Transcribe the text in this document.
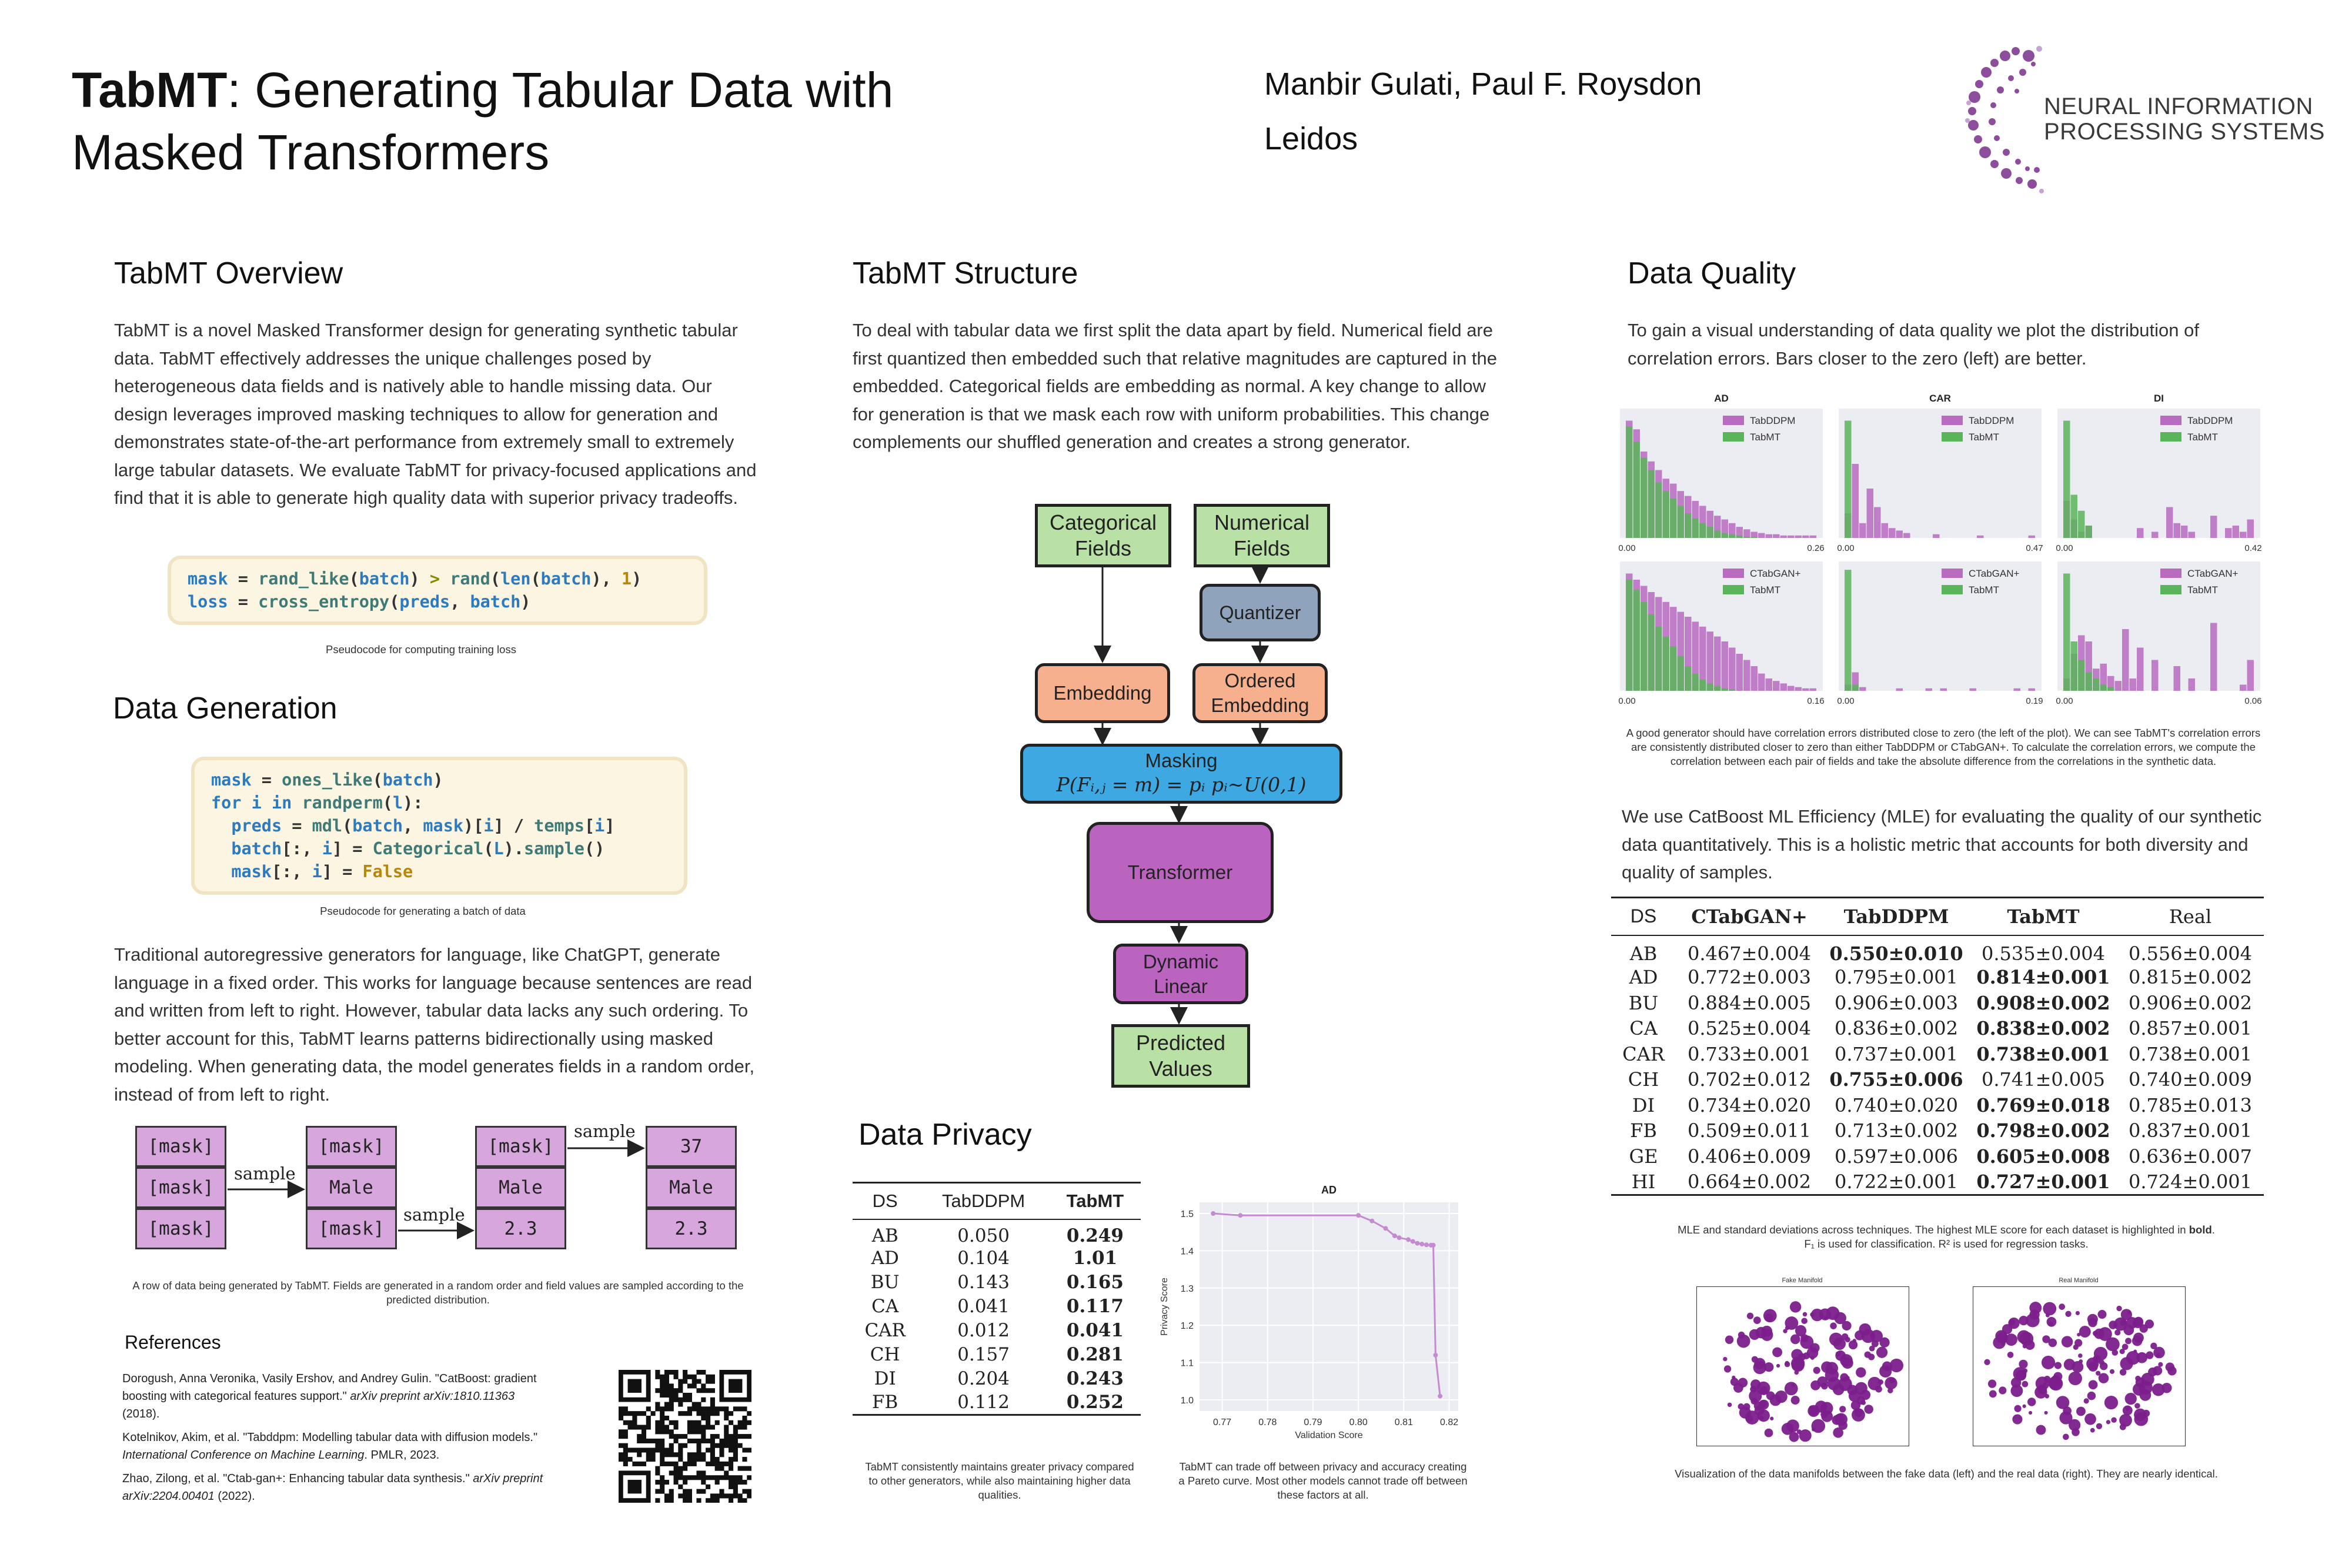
TabMT: Generating Tabular Data with
Masked Transformers
Manbir Gulati, Paul F. Roysdon
Leidos
NEURAL INFORMATION
PROCESSING SYSTEMS
TabMT Overview
TabMT is a novel Masked Transformer design for generating synthetic tabular data. TabMT effectively addresses the unique challenges posed by heterogeneous data fields and is natively able to handle missing data. Our design leverages improved masking techniques to allow for generation and demonstrates state-of-the-art performance from extremely small to extremely large tabular datasets. We evaluate TabMT for privacy-focused applications and find that it is able to generate high quality data with superior privacy tradeoffs.
mask = rand_like(batch) > rand(len(batch), 1)
loss = cross_entropy(preds, batch)
Pseudocode for computing training loss
Data Generation
mask = ones_like(batch)
for i in randperm(l):
preds = mdl(batch, mask)[i] / temps[i]
batch[:, i] = Categorical(L).sample()
mask[:, i] = False
Pseudocode for generating a batch of data
Traditional autoregressive generators for language, like ChatGPT, generate language in a fixed order. This works for language because sentences are read and written from left to right. However, tabular data lacks any such ordering. To better account for this, TabMT learns patterns bidirectionally using masked modeling. When generating data, the model generates fields in a random order, instead of from left to right.
[mask]
[mask]
[mask]
[mask]
Male
[mask]
[mask]
Male
2.3
37
Male
2.3
sample
sample
sample
A row of data being generated by TabMT. Fields are generated in a random order and field values are sampled according to the predicted distribution.
References
Dorogush, Anna Veronika, Vasily Ershov, and Andrey Gulin. "CatBoost: gradient boosting with categorical features support." arXiv preprint arXiv:1810.11363 (2018).
Kotelnikov, Akim, et al. "Tabddpm: Modelling tabular data with diffusion models." International Conference on Machine Learning. PMLR, 2023.
Zhao, Zilong, et al. "Ctab-gan+: Enhancing tabular data synthesis." arXiv preprint arXiv:2204.00401 (2022).
TabMT Structure
To deal with tabular data we first split the data apart by field. Numerical field are first quantized then embedded such that relative magnitudes are captured in the embedded. Categorical fields are embedding as normal. A key change to allow for generation is that we mask each row with uniform probabilities. This change complements our shuffled generation and creates a strong generator.
Categorical Fields
Numerical Fields
Quantizer
Embedding
Ordered Embedding
Masking
P(Fᵢ,ⱼ = m) = pᵢ pᵢ~U(0,1)
Transformer
Dynamic Linear
Predicted Values
Data Privacy
DS	TabDDPM	TabMT
AB	0.050	0.249
AD	0.104	1.01
BU	0.143	0.165
CA	0.041	0.117
CAR	0.012	0.041
CH	0.157	0.281
DI	0.204	0.243
FB	0.112	0.252
TabMT consistently maintains greater privacy compared to other generators, while also maintaining higher data qualities.
AD
0.77	0.78	0.79	0.80	0.81	0.82
1.0
1.1
1.2
1.3
1.4
1.5
Validation Score
Privacy Score
TabMT can trade off between privacy and accuracy creating a Pareto curve. Most other models cannot trade off between these factors at all.
Data Quality
To gain a visual understanding of data quality we plot the distribution of correlation errors. Bars closer to the zero (left) are better.
AD
TabDDPM
TabMT
0.00	0.26
CAR
TabDDPM
TabMT
0.00	0.47
DI
TabDDPM
TabMT
0.00	0.42
CTabGAN+
TabMT
0.00	0.16
CTabGAN+
TabMT
0.00	0.19
CTabGAN+
TabMT
0.00	0.06
A good generator should have correlation errors distributed close to zero (the left of the plot). We can see TabMT's correlation errors are consistently distributed closer to zero than either TabDDPM or CTabGAN+. To calculate the correlation errors, we compute the correlation between each pair of fields and take the absolute difference from the correlations in the synthetic data.
We use CatBoost ML Efficiency (MLE) for evaluating the quality of our synthetic data quantitatively. This is a holistic metric that accounts for both diversity and quality of samples.
DS	CTabGAN+	TabDDPM	TabMT	Real
AB	0.467±0.004	0.550±0.010	0.535±0.004	0.556±0.004
AD	0.772±0.003	0.795±0.001	0.814±0.001	0.815±0.002
BU	0.884±0.005	0.906±0.003	0.908±0.002	0.906±0.002
CA	0.525±0.004	0.836±0.002	0.838±0.002	0.857±0.001
CAR	0.733±0.001	0.737±0.001	0.738±0.001	0.738±0.001
CH	0.702±0.012	0.755±0.006	0.741±0.005	0.740±0.009
DI	0.734±0.020	0.740±0.020	0.769±0.018	0.785±0.013
FB	0.509±0.011	0.713±0.002	0.798±0.002	0.837±0.001
GE	0.406±0.009	0.597±0.006	0.605±0.008	0.636±0.007
HI	0.664±0.002	0.722±0.001	0.727±0.001	0.724±0.001
MLE and standard deviations across techniques. The highest MLE score for each dataset is highlighted in bold.
F₁ is used for classification. R² is used for regression tasks.
Fake Manifold	Real Manifold
Visualization of the data manifolds between the fake data (left) and the real data (right). They are nearly identical.
